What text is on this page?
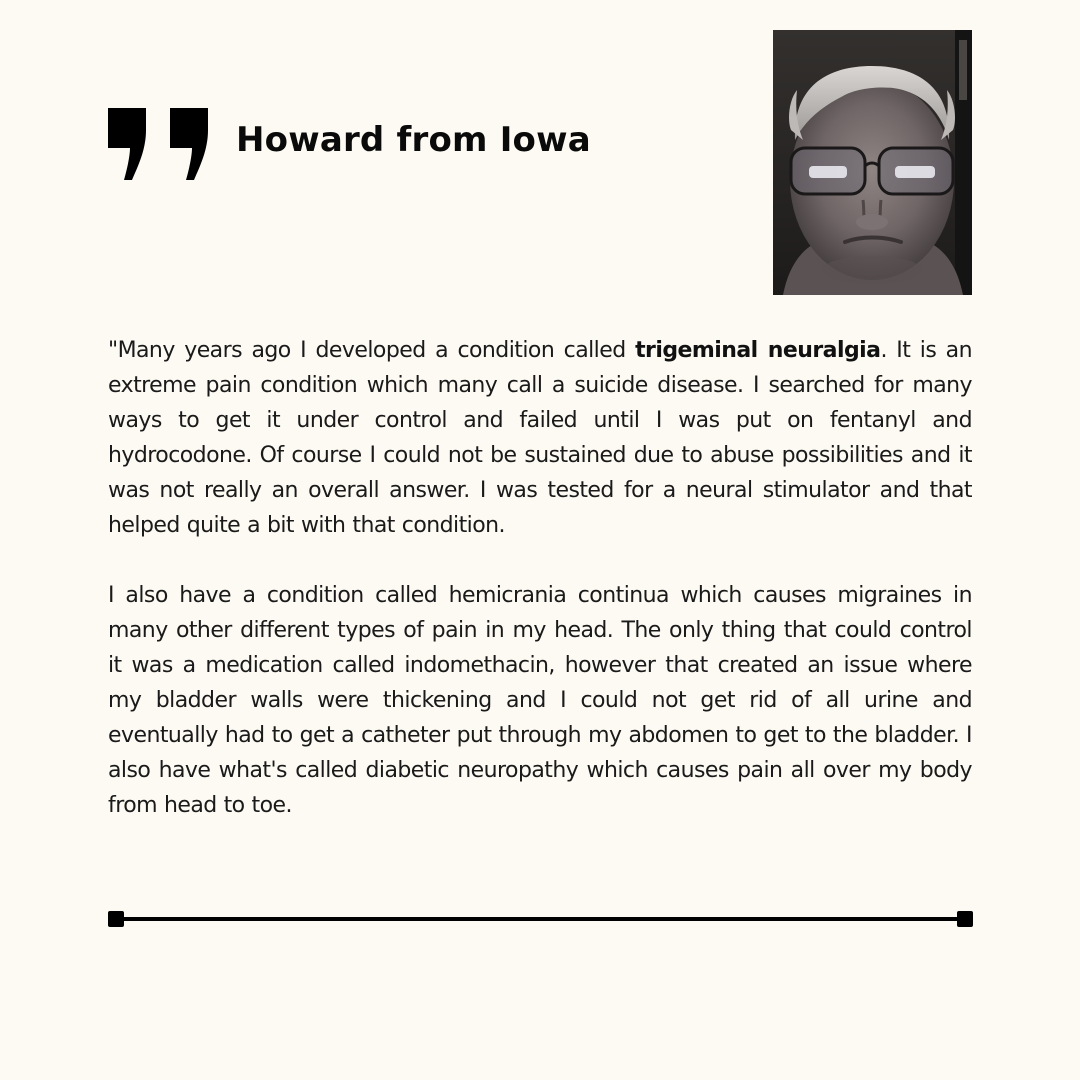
Howard from Iowa

"Many years ago I developed a condition called trigeminal neuralgia. It is an extreme pain condition which many call a suicide disease. I searched for many ways to get it under control and failed until I was put on fentanyl and hydrocodone. Of course I could not be sustained due to abuse possibilities and it was not really an overall answer. I was tested for a neural stimulator and that helped quite a bit with that condition.

I also have a condition called hemicrania continua which causes migraines in many other different types of pain in my head. The only thing that could control it was a medication called indomethacin, however that created an issue where my bladder walls were thickening and I could not get rid of all urine and eventually had to get a catheter put through my abdomen to get to the bladder. I also have what's called diabetic neuropathy which causes pain all over my body from head to toe.
